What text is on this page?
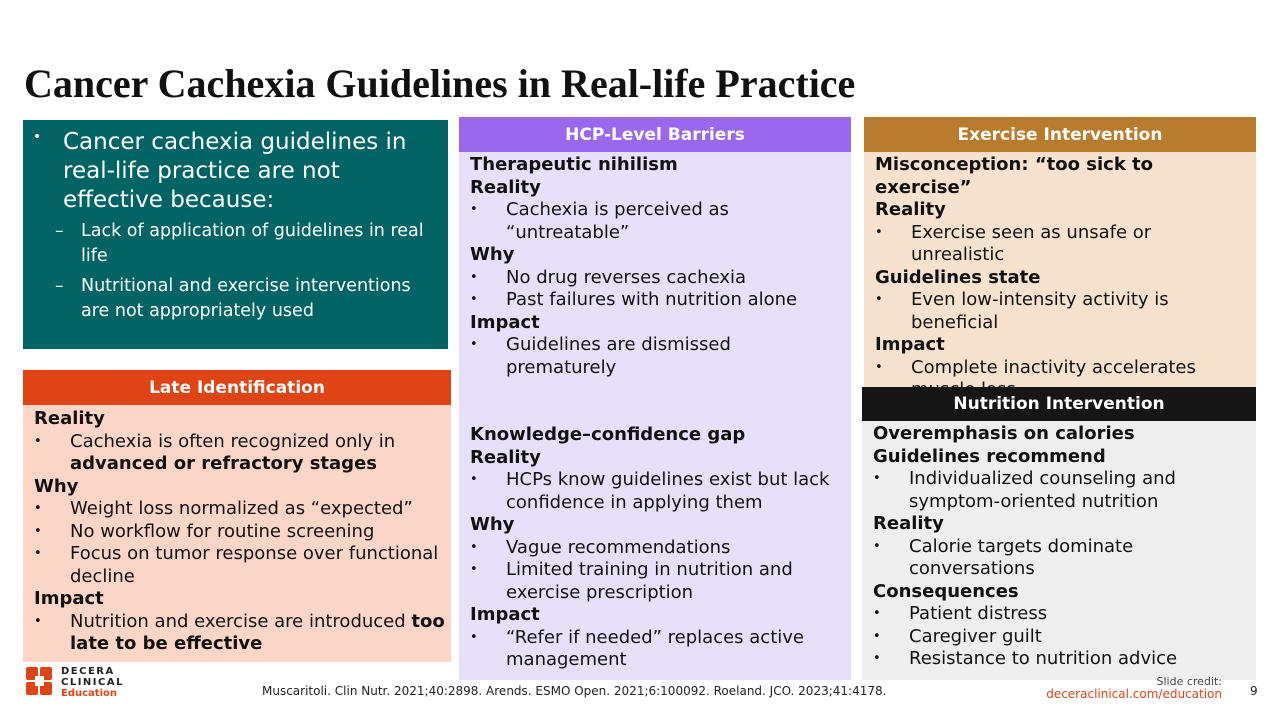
Cancer Cachexia Guidelines in Real-life Practice
• Cancer cachexia guidelines in real-life practice are not effective because:
– Lack of application of guidelines in real life
– Nutritional and exercise interventions are not appropriately used
Late Identification
Reality
• Cachexia is often recognized only in advanced or refractory stages
Why
• Weight loss normalized as “expected”
• No workflow for routine screening
• Focus on tumor response over functional decline
Impact
• Nutrition and exercise are introduced too late to be effective
HCP-Level Barriers
Therapeutic nihilism
Reality
• Cachexia is perceived as “untreatable”
Why
• No drug reverses cachexia
• Past failures with nutrition alone
Impact
• Guidelines are dismissed prematurely
Knowledge–confidence gap
Reality
• HCPs know guidelines exist but lack confidence in applying them
Why
• Vague recommendations
• Limited training in nutrition and exercise prescription
Impact
• “Refer if needed” replaces active management
Exercise Intervention
Misconception: “too sick to exercise”
Reality
• Exercise seen as unsafe or unrealistic
Guidelines state
• Even low-intensity activity is beneficial
Impact
• Complete inactivity accelerates
Nutrition Intervention
Overemphasis on calories
Guidelines recommend
• Individualized counseling and symptom-oriented nutrition
Reality
• Calorie targets dominate conversations
Consequences
• Patient distress
• Caregiver guilt
• Resistance to nutrition advice
DECERA
CLINICAL
Education	Muscaritoli. Clin Nutr. 2021;40:2898. Arends. ESMO Open. 2021;6:100092. Roeland. JCO. 2023;41:4178.
Slide credit:
deceraclinical.com/education 9
